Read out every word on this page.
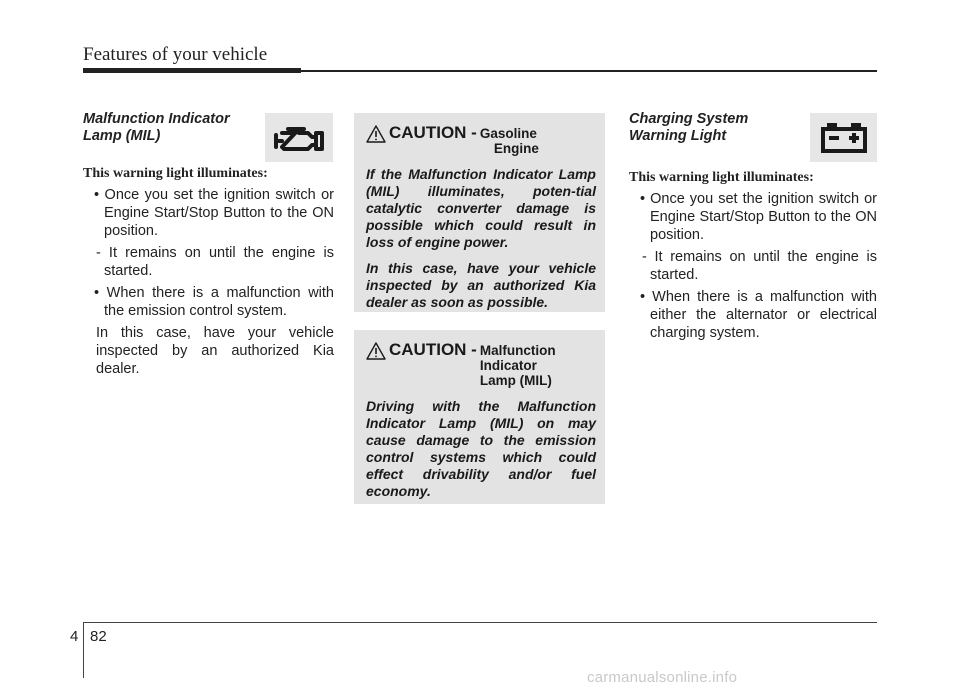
Features of your vehicle
Malfunction Indicator
Lamp (MIL)
This warning light illuminates:
• Once you set the ignition switch or Engine Start/Stop Button to the ON position.
- It remains on until the engine is started.
• When there is a malfunction with the emission control system.
In this case, have your vehicle inspected by an authorized Kia dealer.
CAUTION - Gasoline
Engine

If the Malfunction Indicator Lamp (MIL) illuminates, poten-tial catalytic converter damage is possible which could result in loss of engine power.

In this case, have your vehicle inspected by an authorized Kia dealer as soon as possible.

CAUTION - Malfunction
Indicator
Lamp (MIL)

Driving with the Malfunction Indicator Lamp (MIL) on may cause damage to the emission control systems which could effect drivability and/or fuel economy.

Charging System
Warning Light
This warning light illuminates:
• Once you set the ignition switch or Engine Start/Stop Button to the ON position.
- It remains on until the engine is started.
• When there is a malfunction with either the alternator or electrical charging system.
4 82
carmanualsonline.info
